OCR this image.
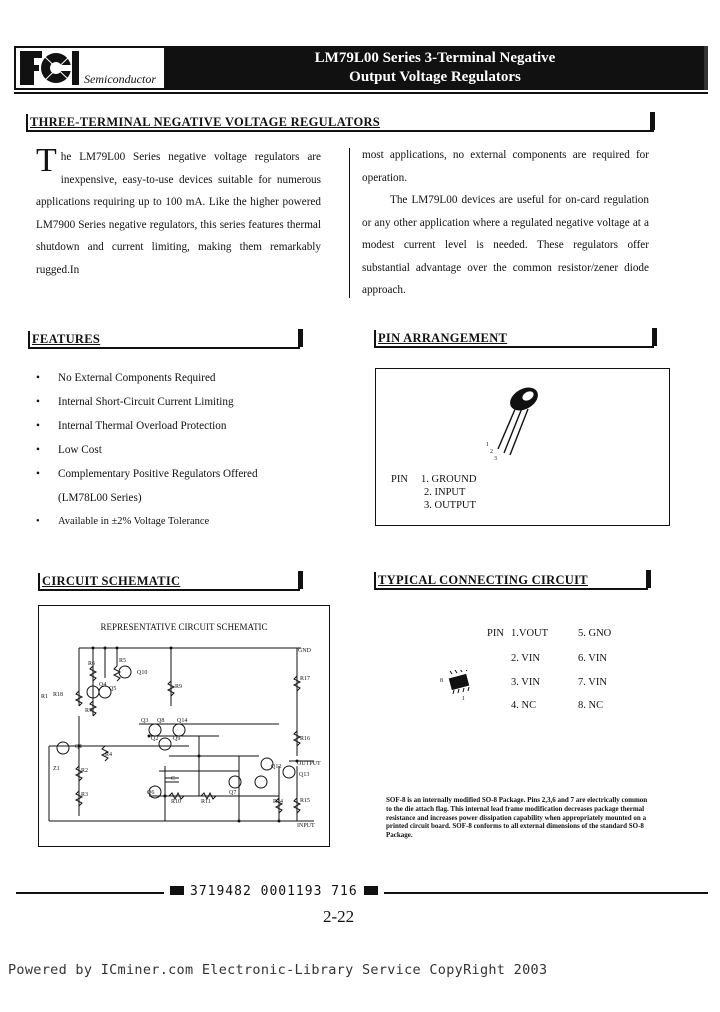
Semiconductor
LM79L00 Series 3-Terminal Negative
Output Voltage Regulators
THREE-TERMINAL NEGATIVE VOLTAGE REGULATORS
The LM79L00 Series negative voltage regulators are inexpensive, easy-to-use devices suitable for numerous applications requiring up to 100 mA. Like the higher powered LM7900 Series negative regulators, this series features thermal shutdown and current limiting, making them remarkably rugged.In
most applications, no external components are required for operation.
The LM79L00 devices are useful for on-card regulation or any other application where a regulated negative voltage at a modest current level is needed. These regulators offer substantial advantage over the common resistor/zener diode approach.
FEATURES
• No External Components Required
• Internal Short-Circuit Current Limiting
• Internal Thermal Overload Protection
• Low Cost
• Complementary Positive Regulators Offered
(LM78L00 Series)
• Available in ±2% Voltage Tolerance
PIN ARRANGEMENT
1
2
3
PIN 1. GROUND
2. INPUT
3. OUTPUT
CIRCUIT SCHEMATIC
REPRESENTATIVE CIRCUIT SCHEMATIC
GND
R6	R5
Q10
R1 R18
Q4
Q5	R9
R17
R7
Q3 Q8 Q14
Q2 Q9
Q1
R4
R16
Z1	R2
Q12	OUTPUT
Q13
C
R3	Q6
R10	R11
Q7
R14	R15
INPUT
TYPICAL CONNECTING CIRCUIT
8
1
PIN 1.VOUT
2. VIN
3. VIN
4. NC
5. GNO
6. VIN
7. VIN
8. NC
SOF-8 is an internally modified SO-8 Package. Pins 2,3,6 and 7 are electrically common to the die attach flag. This internal lead frame modification decreases package thermal resistance and increases power dissipation capability when appropriately mounted on a printed circuit board. SOF-8 conforms to all external dimensions of the standard SO-8 Package.
3719482 0001193 716
2-22
Powered by ICminer.com Electronic-Library Service CopyRight 2003
